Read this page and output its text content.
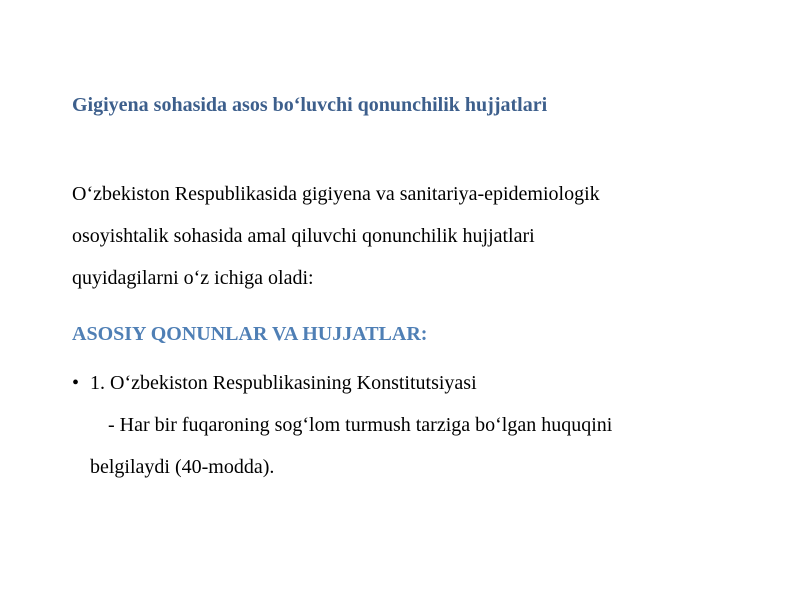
Gigiyena sohasida asos bo‘luvchi qonunchilik hujjatlari

O‘zbekiston Respublikasida gigiyena va sanitariya-epidemiologik
osoyishtalik sohasida amal qiluvchi qonunchilik hujjatlari
quyidagilarni o‘z ichiga oladi:

ASOSIY QONUNLAR VA HUJJATLAR:
• 1. O‘zbekiston Respublikasining Konstitutsiyasi
- Har bir fuqaroning sog‘lom turmush tarziga bo‘lgan huquqini
belgilaydi (40-modda).
